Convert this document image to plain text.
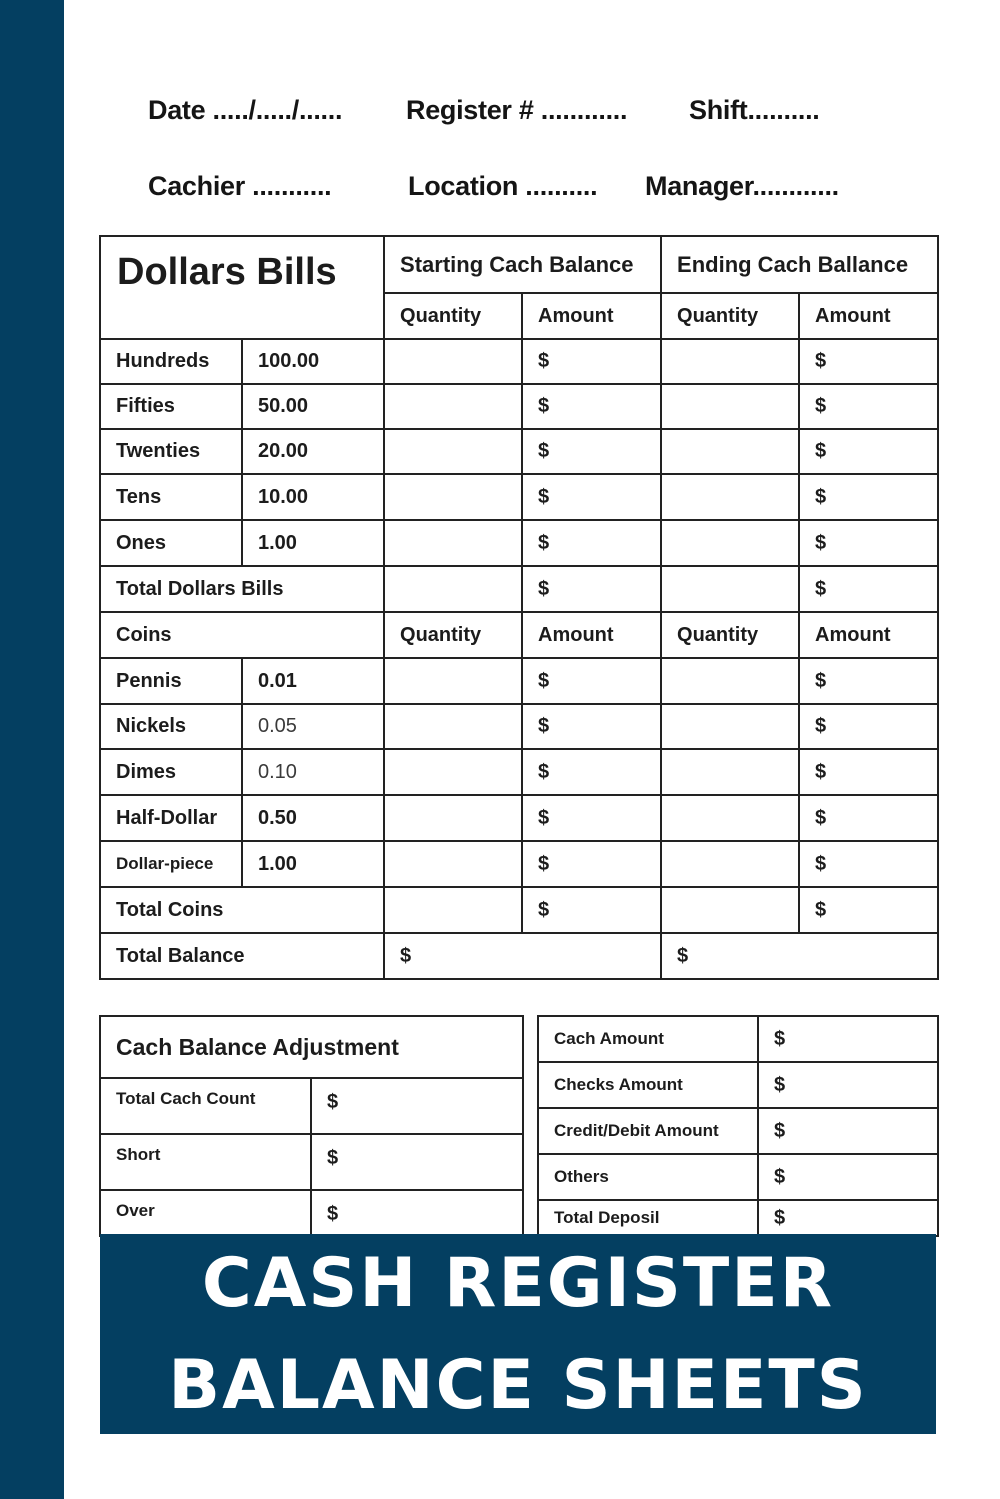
Date ...../...../...... Register # ............ Shift..........
Cachier ...........	Location .......... Manager............
Dollars Bills		Starting Cach Balance		Ending Cach Ballance	
		Quantity	Amount	Quantity	Amount
Hundreds	100.00		$		$
Fifties	50.00		$		$
Twenties	20.00		$		$
Tens	10.00		$		$
Ones	1.00		$		$
Total Dollars Bills			$		$
Coins		Quantity	Amount	Quantity	Amount
Pennis	0.01		$		$
Nickels	0.05		$		$
Dimes	0.10		$		$
Half-Dollar	0.50		$		$
Dollar-piece	1.00		$		$
Total Coins			$		$
Total Balance		$		$	
Cach Balance Adjustment	
Total Cach Count	$
Short	$
Over	$
Cach Amount	$
Checks Amount	$
Credit/Debit Amount	$
Others	$
Total Deposil	$
CASH REGISTER
BALANCE SHEETS
